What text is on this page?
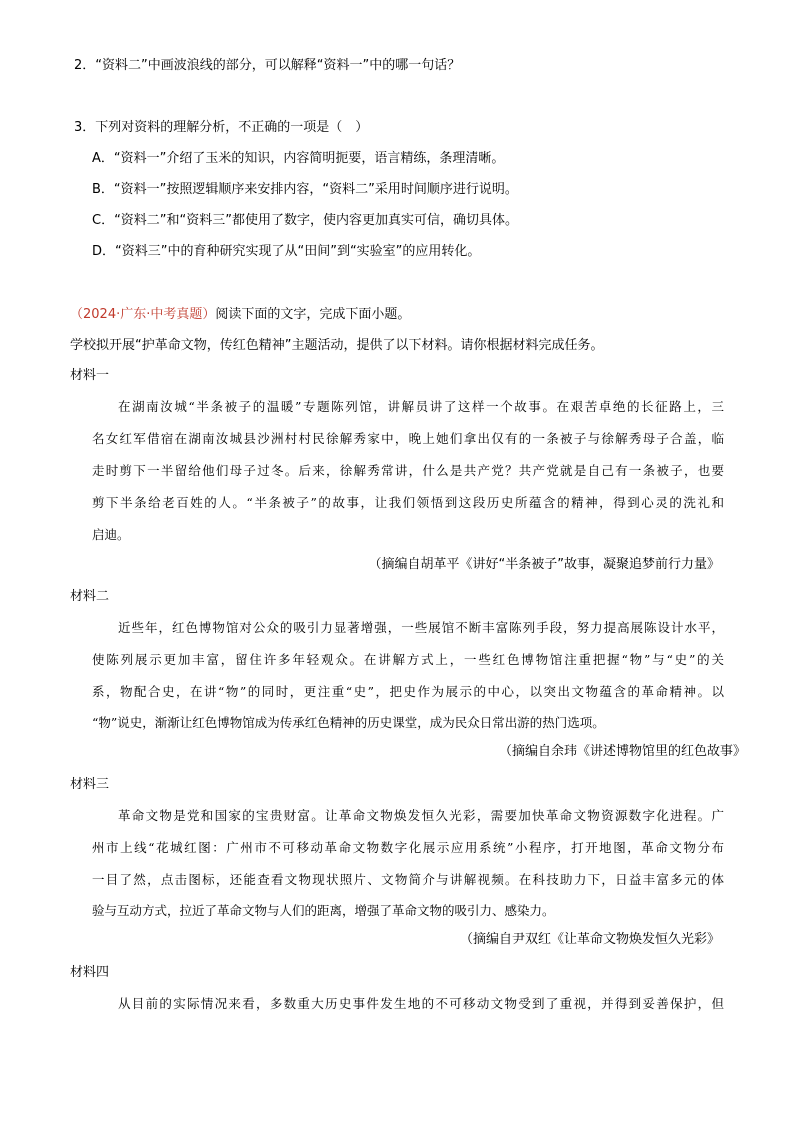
2．“资料二”中画波浪线的部分，可以解释“资料一”中的哪一句话？
3．下列对资料的理解分析，不正确的一项是（　）
A．“资料一”介绍了玉米的知识，内容简明扼要，语言精练，条理清晰。
B．“资料一”按照逻辑顺序来安排内容，“资料二”采用时间顺序进行说明。
C．“资料二”和“资料三”都使用了数字，使内容更加真实可信，确切具体。
D．“资料三”中的育种研究实现了从“田间”到“实验室”的应用转化。
（2024·广东·中考真题）阅读下面的文字，完成下面小题。
学校拟开展“护革命文物，传红色精神”主题活动，提供了以下材料。请你根据材料完成任务。
材料一
在湖南汝城“半条被子的温暖”专题陈列馆，讲解员讲了这样一个故事。在艰苦卓绝的长征路上，三
名女红军借宿在湖南汝城县沙洲村村民徐解秀家中，晚上她们拿出仅有的一条被子与徐解秀母子合盖，临
走时剪下一半留给他们母子过冬。后来，徐解秀常讲，什么是共产党？共产党就是自己有一条被子，也要
剪下半条给老百姓的人。“半条被子”的故事，让我们领悟到这段历史所蕴含的精神，得到心灵的洗礼和
启迪。
（摘编自胡革平《讲好“半条被子”故事，凝聚追梦前行力量》
材料二
近些年，红色博物馆对公众的吸引力显著增强，一些展馆不断丰富陈列手段，努力提高展陈设计水平，
使陈列展示更加丰富，留住许多年轻观众。在讲解方式上，一些红色博物馆注重把握“物”与“史”的关
系，物配合史，在讲“物”的同时，更注重“史”，把史作为展示的中心，以突出文物蕴含的革命精神。以
“物”说史，渐渐让红色博物馆成为传承红色精神的历史课堂，成为民众日常出游的热门选项。
（摘编自余玮《讲述博物馆里的红色故事》
材料三
革命文物是党和国家的宝贵财富。让革命文物焕发恒久光彩，需要加快革命文物资源数字化进程。广
州市上线“花城红图：广州市不可移动革命文物数字化展示应用系统”小程序，打开地图，革命文物分布
一目了然，点击图标，还能查看文物现状照片、文物简介与讲解视频。在科技助力下，日益丰富多元的体
验与互动方式，拉近了革命文物与人们的距离，增强了革命文物的吸引力、感染力。
（摘编自尹双红《让革命文物焕发恒久光彩》
材料四
从目前的实际情况来看，多数重大历史事件发生地的不可移动文物受到了重视，并得到妥善保护，但
